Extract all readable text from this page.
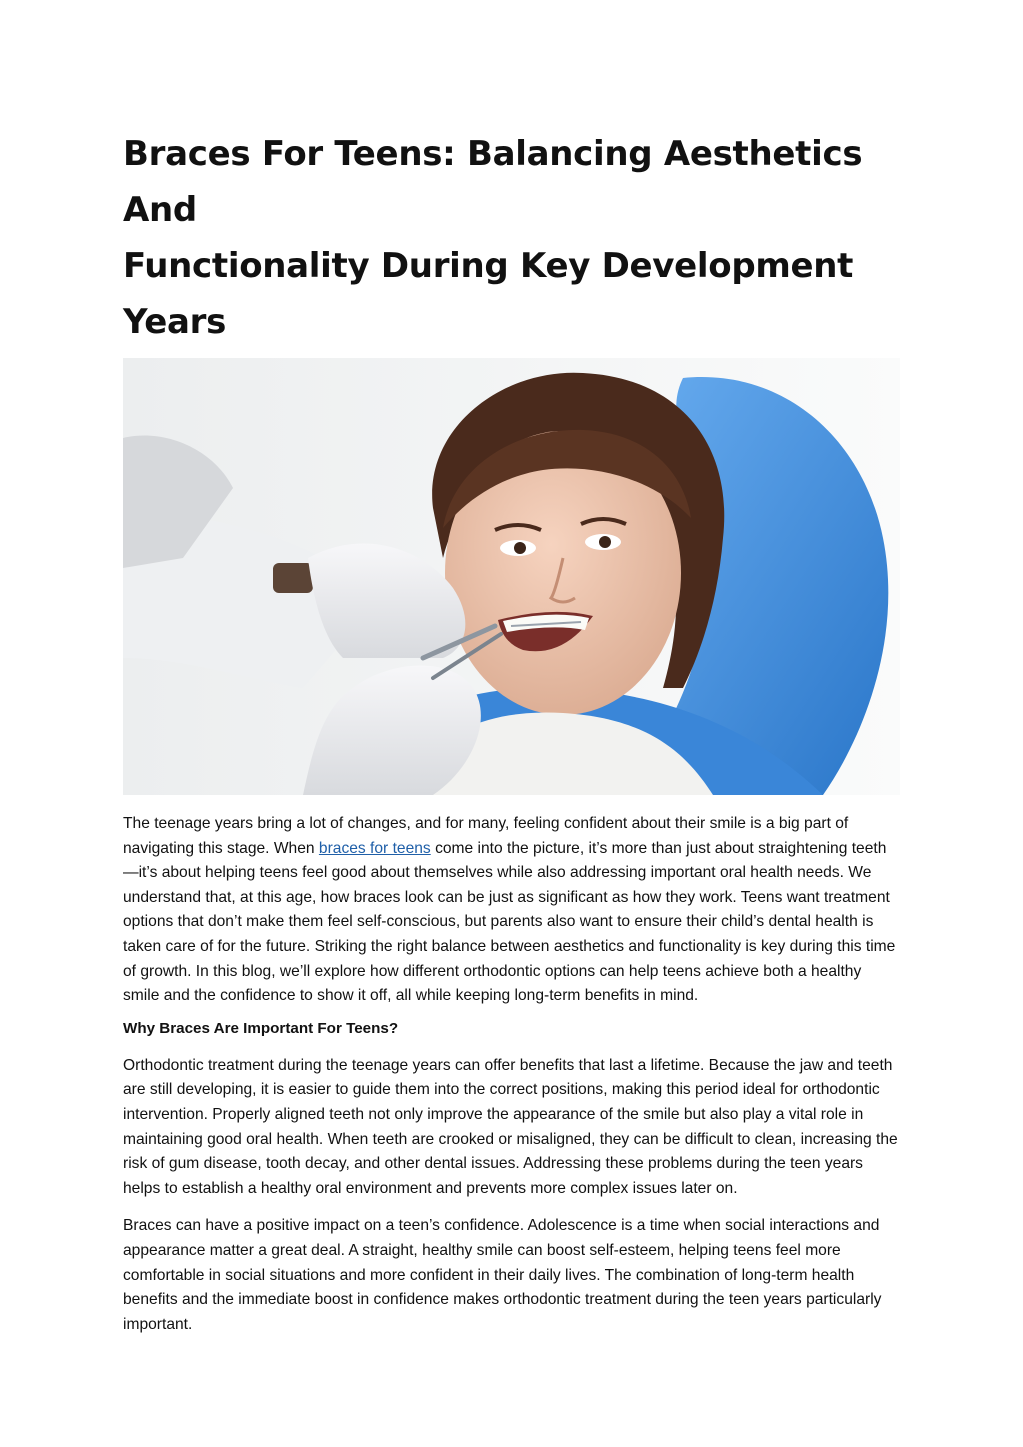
Braces For Teens: Balancing Aesthetics And
Functionality During Key Development Years

The teenage years bring a lot of changes, and for many, feeling confident about their smile is a big part of navigating this stage. When braces for teens come into the picture, it’s more than just about straightening teeth—it’s about helping teens feel good about themselves while also addressing important oral health needs. We understand that, at this age, how braces look can be just as significant as how they work. Teens want treatment options that don’t make them feel self-conscious, but parents also want to ensure their child’s dental health is taken care of for the future. Striking the right balance between aesthetics and functionality is key during this time of growth. In this blog, we’ll explore how different orthodontic options can help teens achieve both a healthy smile and the confidence to show it off, all while keeping long-term benefits in mind.

Why Braces Are Important For Teens?

Orthodontic treatment during the teenage years can offer benefits that last a lifetime. Because the jaw and teeth are still developing, it is easier to guide them into the correct positions, making this period ideal for orthodontic intervention. Properly aligned teeth not only improve the appearance of the smile but also play a vital role in maintaining good oral health. When teeth are crooked or misaligned, they can be difficult to clean, increasing the risk of gum disease, tooth decay, and other dental issues. Addressing these problems during the teen years helps to establish a healthy oral environment and prevents more complex issues later on.

Braces can have a positive impact on a teen’s confidence. Adolescence is a time when social interactions and appearance matter a great deal. A straight, healthy smile can boost self-esteem, helping teens feel more comfortable in social situations and more confident in their daily lives. The combination of long-term health benefits and the immediate boost in confidence makes orthodontic treatment during the teen years particularly important.
